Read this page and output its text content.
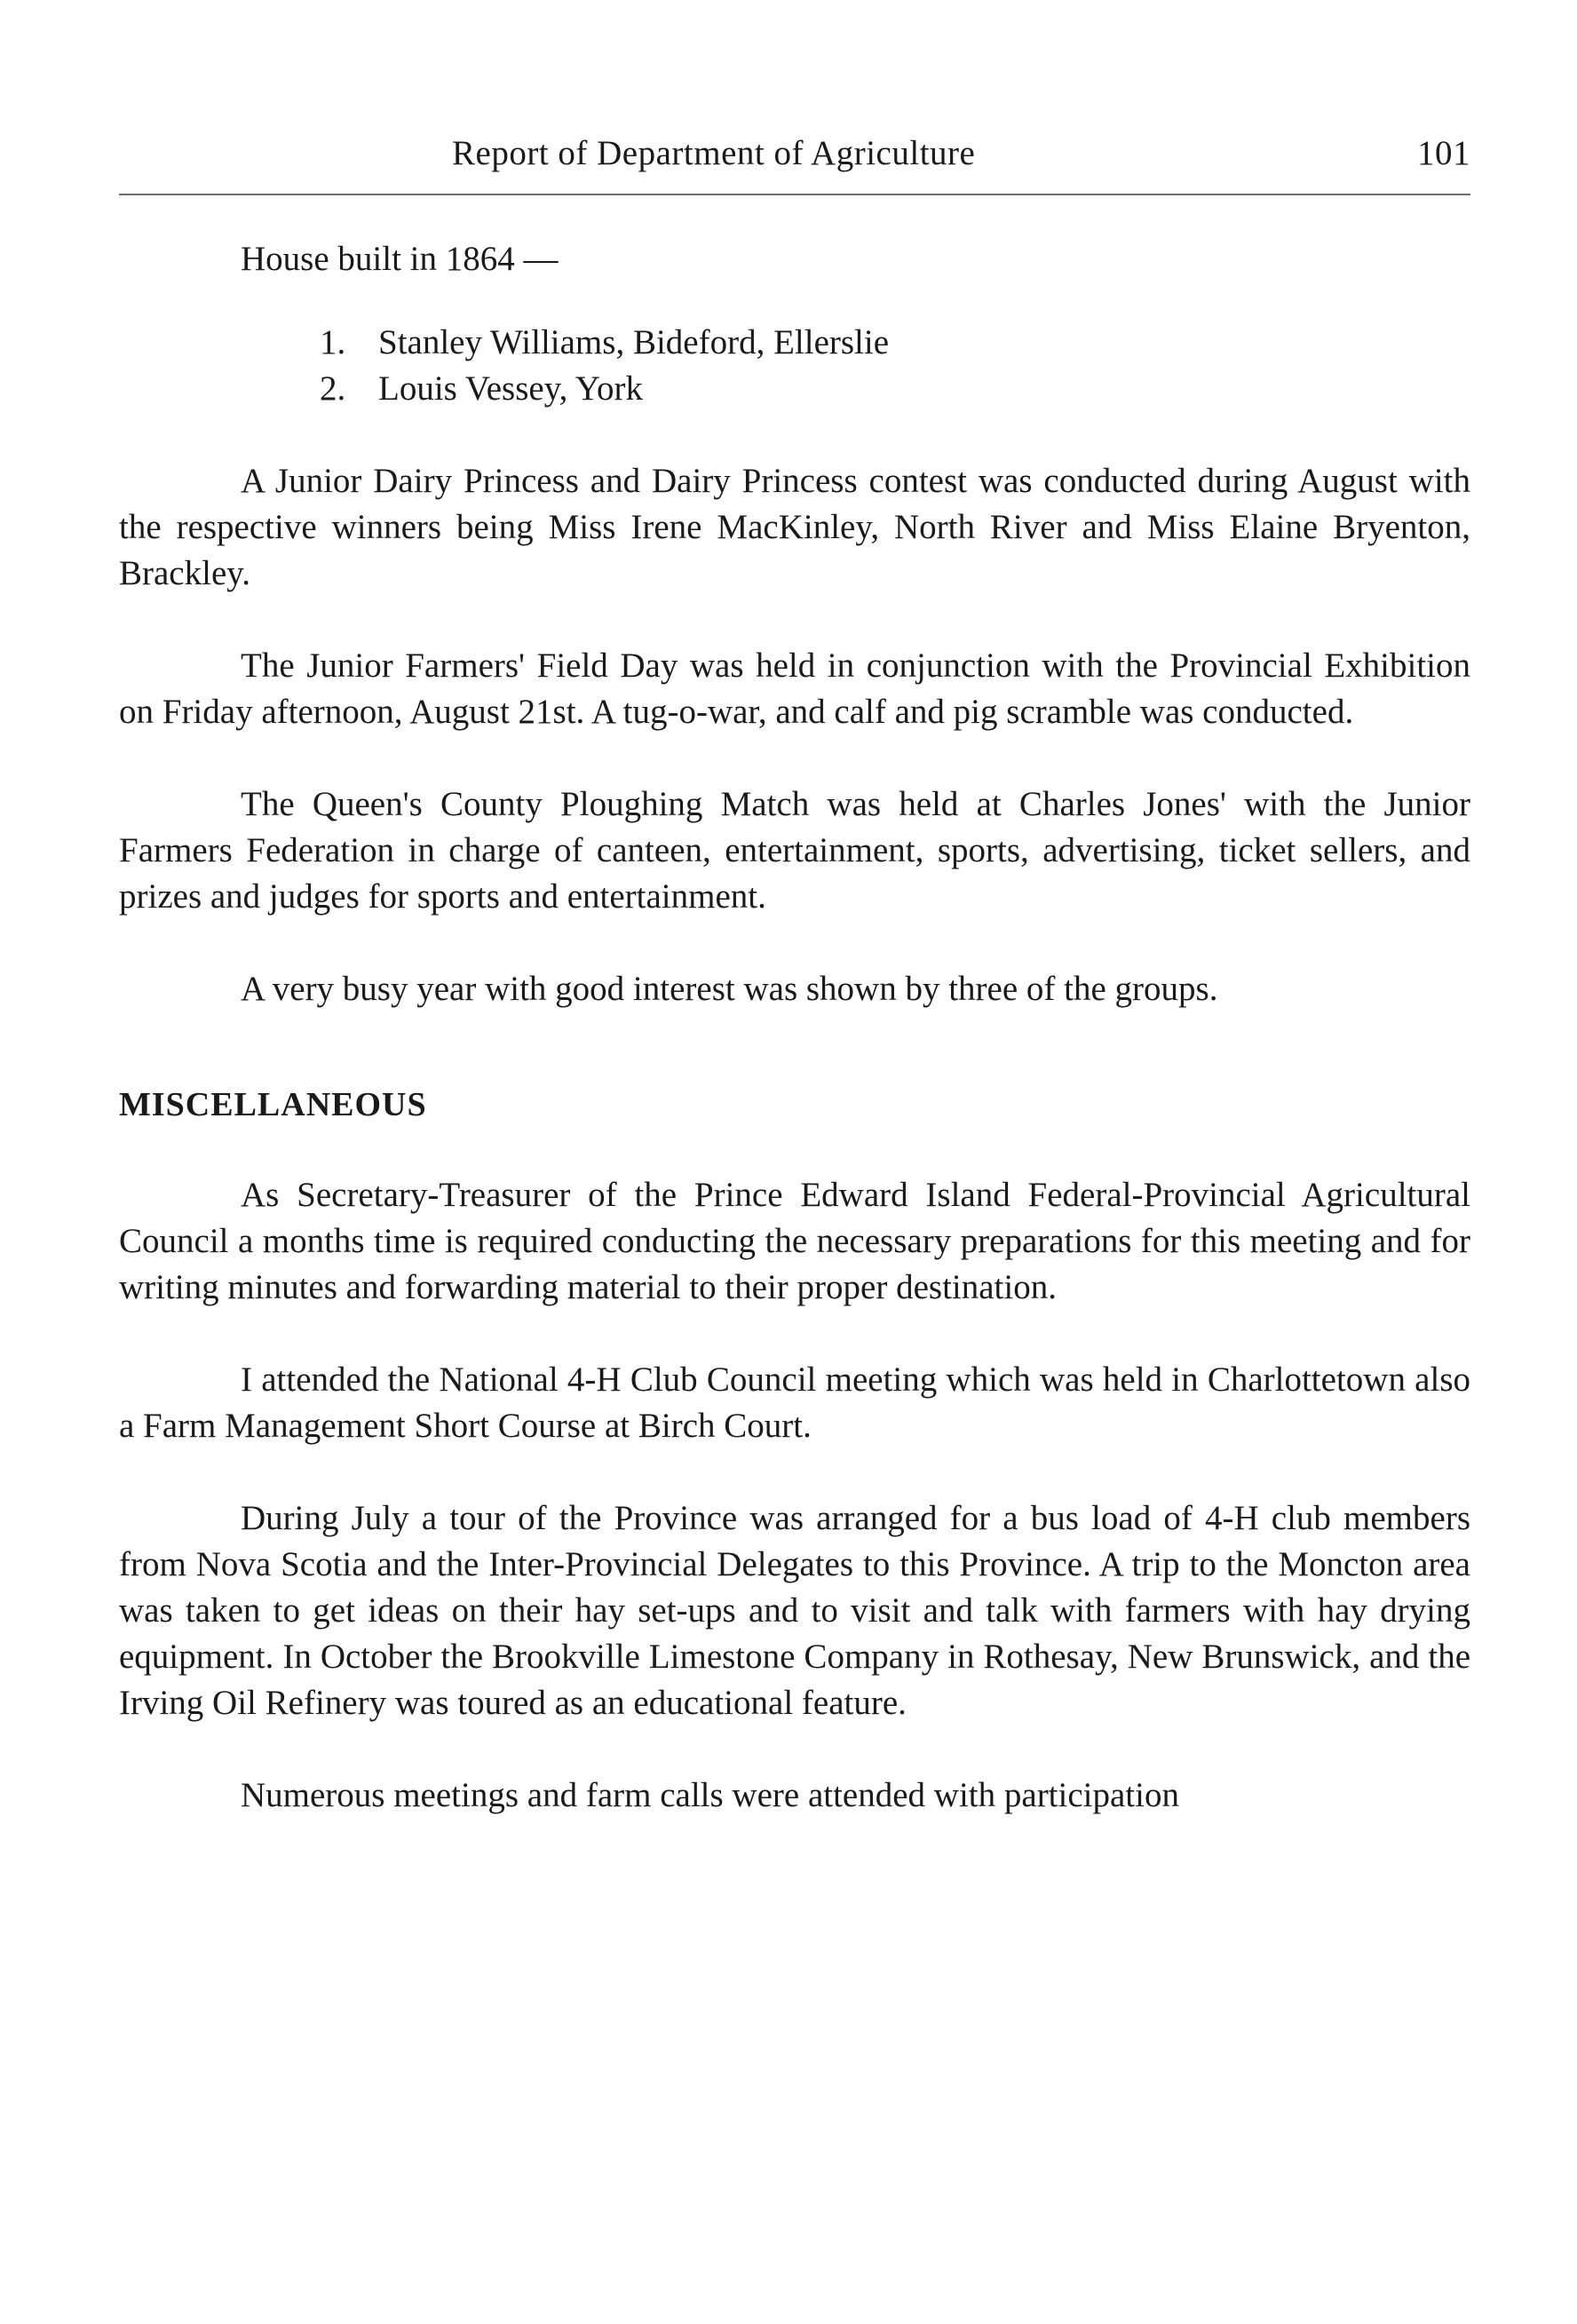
Report of Department of Agriculture	101

House built in 1864 —

1. Stanley Williams, Bideford, Ellerslie
2. Louis Vessey, York

A Junior Dairy Princess and Dairy Princess contest was conducted during August with the respective winners being Miss Irene MacKinley, North River and Miss Elaine Bryenton, Brackley.

The Junior Farmers' Field Day was held in conjunction with the Provincial Exhibition on Friday afternoon, August 21st. A tug-o-war, and calf and pig scramble was conducted.

The Queen's County Ploughing Match was held at Charles Jones' with the Junior Farmers Federation in charge of canteen, entertainment, sports, advertising, ticket sellers, and prizes and judges for sports and entertainment.

A very busy year with good interest was shown by three of the groups.

MISCELLANEOUS

As Secretary-Treasurer of the Prince Edward Island Federal-Provincial Agricultural Council a months time is required conducting the necessary preparations for this meeting and for writing minutes and forwarding material to their proper destination.

I attended the National 4-H Club Council meeting which was held in Charlottetown also a Farm Management Short Course at Birch Court.

During July a tour of the Province was arranged for a bus load of 4-H club members from Nova Scotia and the Inter-Provincial Delegates to this Province. A trip to the Moncton area was taken to get ideas on their hay set-ups and to visit and talk with farmers with hay drying equipment. In October the Brookville Limestone Company in Rothesay, New Brunswick, and the Irving Oil Refinery was toured as an educational feature.

Numerous meetings and farm calls were attended with participation
